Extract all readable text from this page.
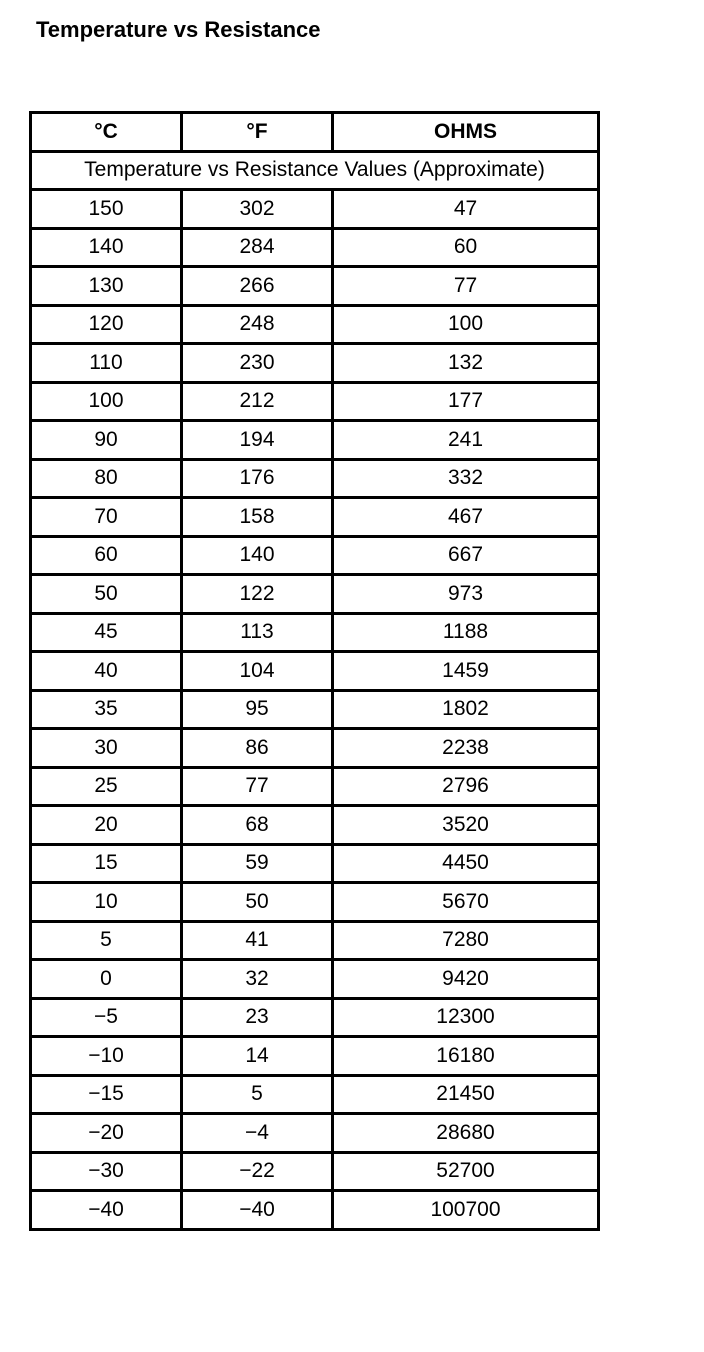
Temperature vs Resistance
°C	°F	OHMS
Temperature vs Resistance Values (Approximate)		
150	302	47
140	284	60
130	266	77
120	248	100
110	230	132
100	212	177
90	194	241
80	176	332
70	158	467
60	140	667
50	122	973
45	113	1188
40	104	1459
35	95	1802
30	86	2238
25	77	2796
20	68	3520
15	59	4450
10	50	5670
5	41	7280
0	32	9420
−5	23	12300
−10	14	16180
−15	5	21450
−20	−4	28680
−30	−22	52700
−40	−40	100700
